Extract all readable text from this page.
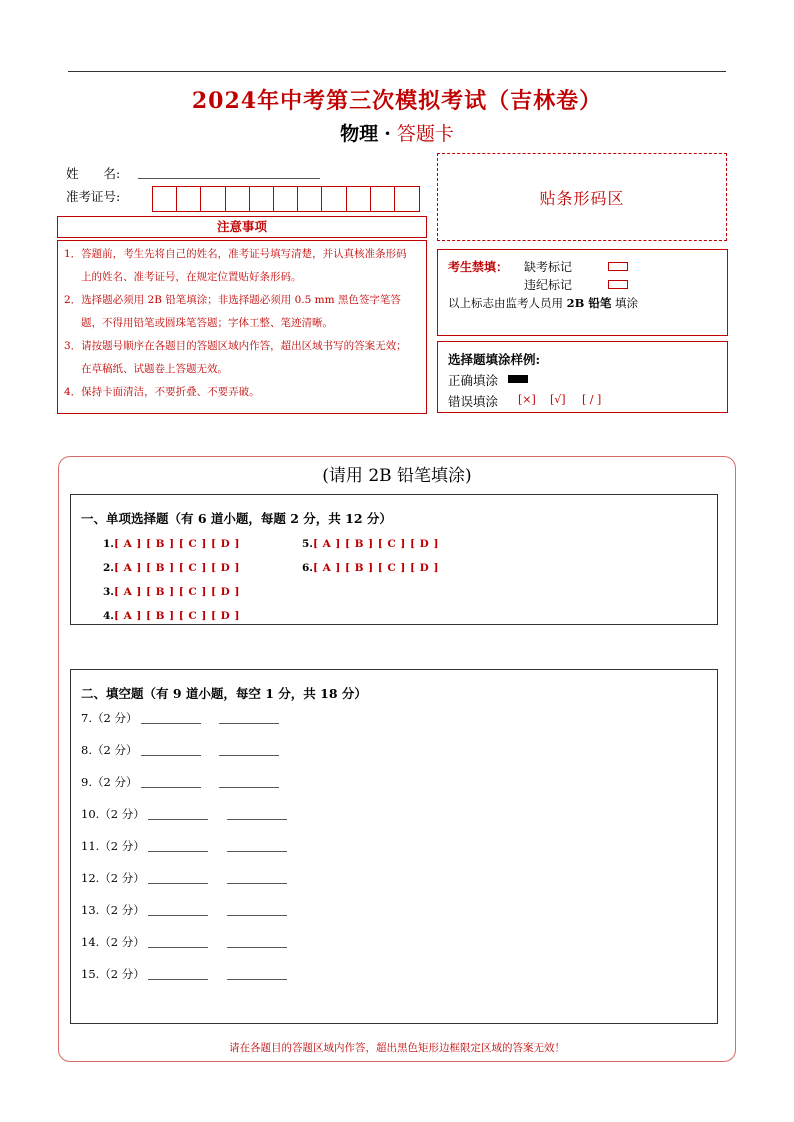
2024年中考第三次模拟考试（吉林卷）
物理 · 答题卡
姓　　名:
准考证号:	贴条形码区
注意事项
1．答题前，考生先将自己的姓名，准考证号填写清楚，并认真核准条形码上的姓名、准考证号，在规定位置贴好条形码。
2．选择题必须用 2B 铅笔填涂；非选择题必须用 0.5 mm 黑色签字笔答题，不得用铅笔或圆珠笔答题；字体工整、笔迹清晰。
3．请按题号顺序在各题目的答题区域内作答，超出区域书写的答案无效；在草稿纸、试题卷上答题无效。
4．保持卡面清洁，不要折叠、不要弄破。
考生禁填： 缺考标记
违纪标记
以上标志由监考人员用 2B 铅笔 填涂
选择题填涂样例:
正确填涂
错误填涂 [×] [√] [ / ]
(请用 2B 铅笔填涂)
一、单项选择题（有 6 道小题，每题 2 分，共 12 分）
1.[ A ] [ B ] [ C ] [ D ]
2.[ A ] [ B ] [ C ] [ D ]
3.[ A ] [ B ] [ C ] [ D ]
4.[ A ] [ B ] [ C ] [ D ]
5.[ A ] [ B ] [ C ] [ D ]
6.[ A ] [ B ] [ C ] [ D ]
二、填空题（有 9 道小题，每空 1 分，共 18 分）
7.（2 分）
8.（2 分）
9.（2 分）
10.（2 分）
11.（2 分）
12.（2 分）
13.（2 分）
14.（2 分）
15.（2 分）
请在各题目的答题区域内作答，超出黑色矩形边框限定区域的答案无效！
